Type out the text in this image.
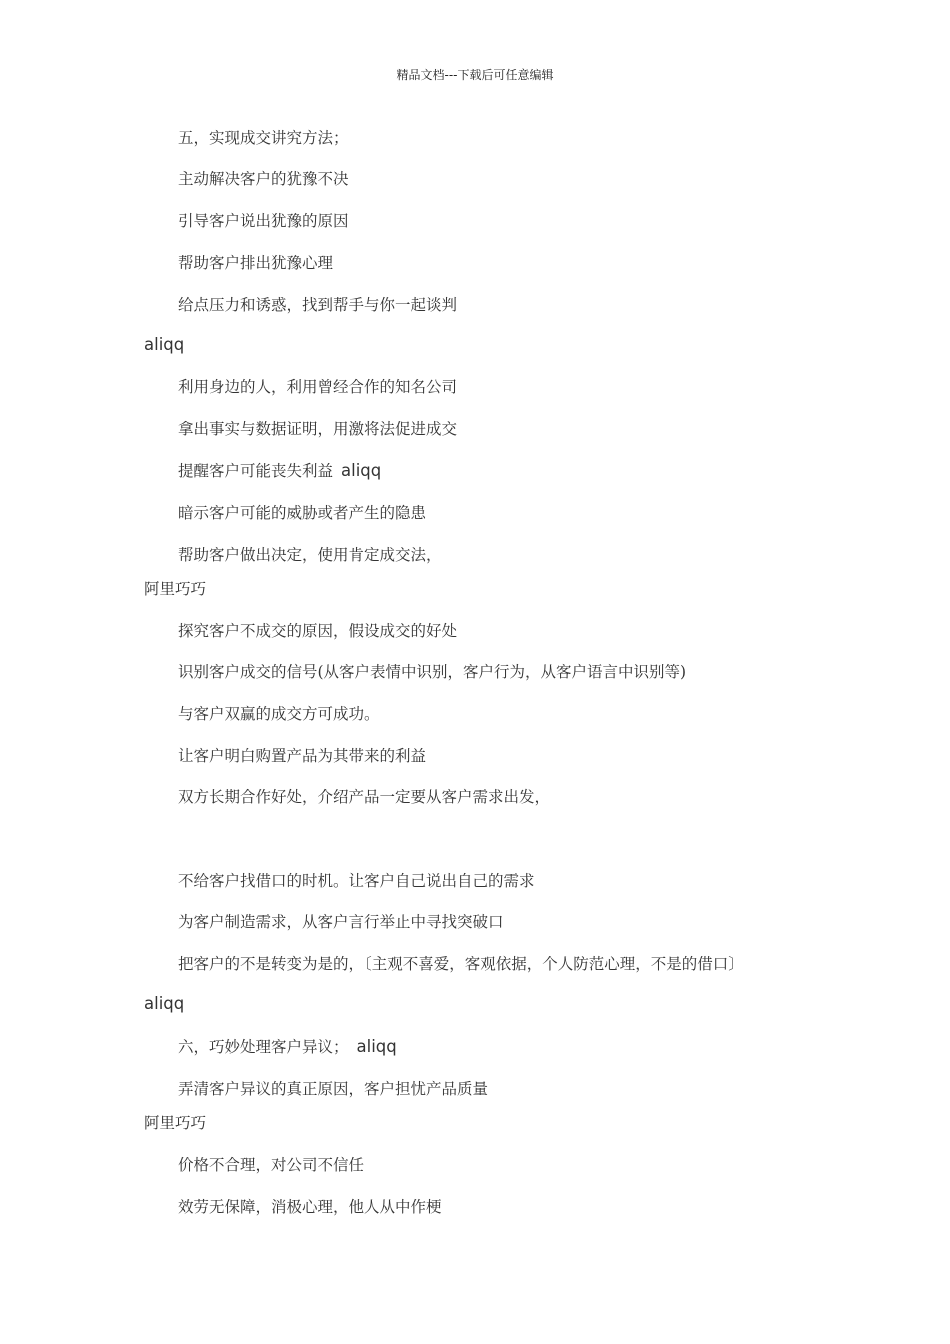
精品文档---下载后可任意编辑
五，实现成交讲究方法；
主动解决客户的犹豫不决
引导客户说出犹豫的原因
帮助客户排出犹豫心理
给点压力和诱惑，找到帮手与你一起谈判
aliqq
利用身边的人，利用曾经合作的知名公司
拿出事实与数据证明，用激将法促进成交
提醒客户可能丧失利益 aliqq
暗示客户可能的威胁或者产生的隐患
帮助客户做出决定，使用肯定成交法，
阿里巧巧
探究客户不成交的原因，假设成交的好处
识别客户成交的信号(从客户表情中识别，客户行为，从客户语言中识别等)
与客户双赢的成交方可成功。
让客户明白购置产品为其带来的利益
双方长期合作好处，介绍产品一定要从客户需求出发，
不给客户找借口的时机。让客户自己说出自己的需求
为客户制造需求，从客户言行举止中寻找突破口
把客户的不是转变为是的，〔主观不喜爱，客观依据，个人防范心理，不是的借口〕
aliqq
六，巧妙处理客户异议； aliqq
弄清客户异议的真正原因，客户担忧产品质量
阿里巧巧
价格不合理，对公司不信任
效劳无保障，消极心理，他人从中作梗
